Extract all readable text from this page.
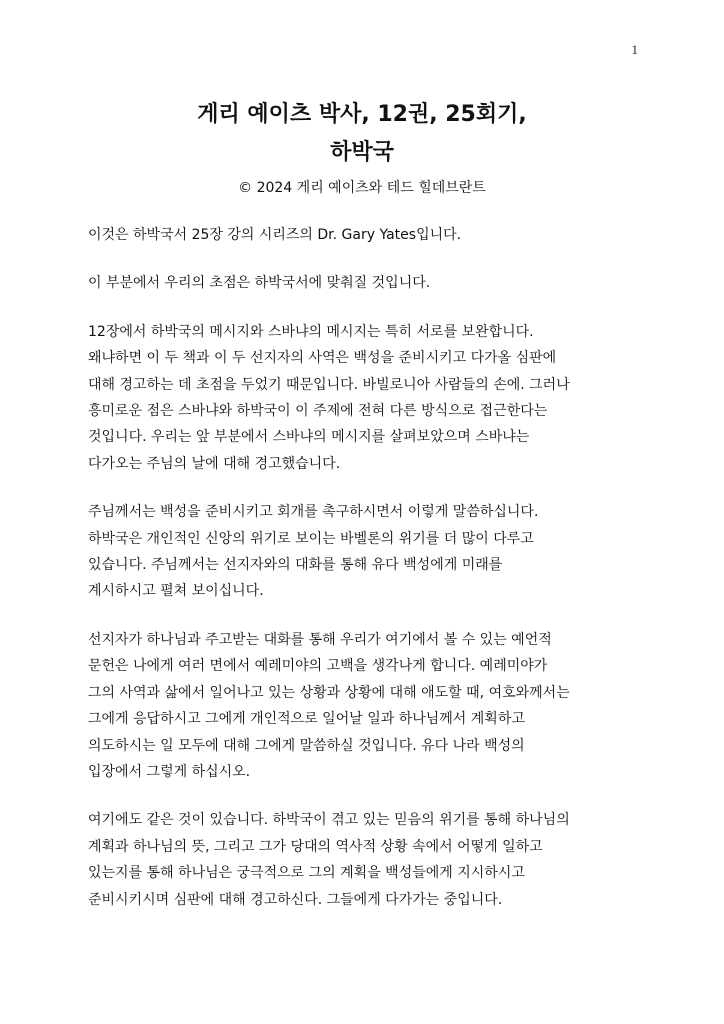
1

게리 예이츠 박사, 12권, 25회기,

하박국

© 2024 게리 예이츠와 테드 힐데브란트
이것은 하박국서 25장 강의 시리즈의 Dr. Gary Yates입니다.
이 부분에서 우리의 초점은 하박국서에 맞춰질 것입니다.
12장에서 하박국의 메시지와 스바냐의 메시지는 특히 서로를 보완합니다.
왜냐하면 이 두 책과 이 두 선지자의 사역은 백성을 준비시키고 다가올 심판에
대해 경고하는 데 초점을 두었기 때문입니다. 바빌로니아 사람들의 손에. 그러나
흥미로운 점은 스바냐와 하박국이 이 주제에 전혀 다른 방식으로 접근한다는
것입니다. 우리는 앞 부분에서 스바냐의 메시지를 살펴보았으며 스바냐는
다가오는 주님의 날에 대해 경고했습니다.
주님께서는 백성을 준비시키고 회개를 촉구하시면서 이렇게 말씀하십니다.
하박국은 개인적인 신앙의 위기로 보이는 바벨론의 위기를 더 많이 다루고
있습니다. 주님께서는 선지자와의 대화를 통해 유다 백성에게 미래를
계시하시고 펼쳐 보이십니다.
선지자가 하나님과 주고받는 대화를 통해 우리가 여기에서 볼 수 있는 예언적
문헌은 나에게 여러 면에서 예레미야의 고백을 생각나게 합니다. 예레미야가
그의 사역과 삶에서 일어나고 있는 상황과 상황에 대해 애도할 때, 여호와께서는
그에게 응답하시고 그에게 개인적으로 일어날 일과 하나님께서 계획하고
의도하시는 일 모두에 대해 그에게 말씀하실 것입니다. 유다 나라 백성의
입장에서 그렇게 하십시오.
여기에도 같은 것이 있습니다. 하박국이 겪고 있는 믿음의 위기를 통해 하나님의
계획과 하나님의 뜻, 그리고 그가 당대의 역사적 상황 속에서 어떻게 일하고
있는지를 통해 하나님은 궁극적으로 그의 계획을 백성들에게 지시하시고
준비시키시며 심판에 대해 경고하신다. 그들에게 다가가는 중입니다.
